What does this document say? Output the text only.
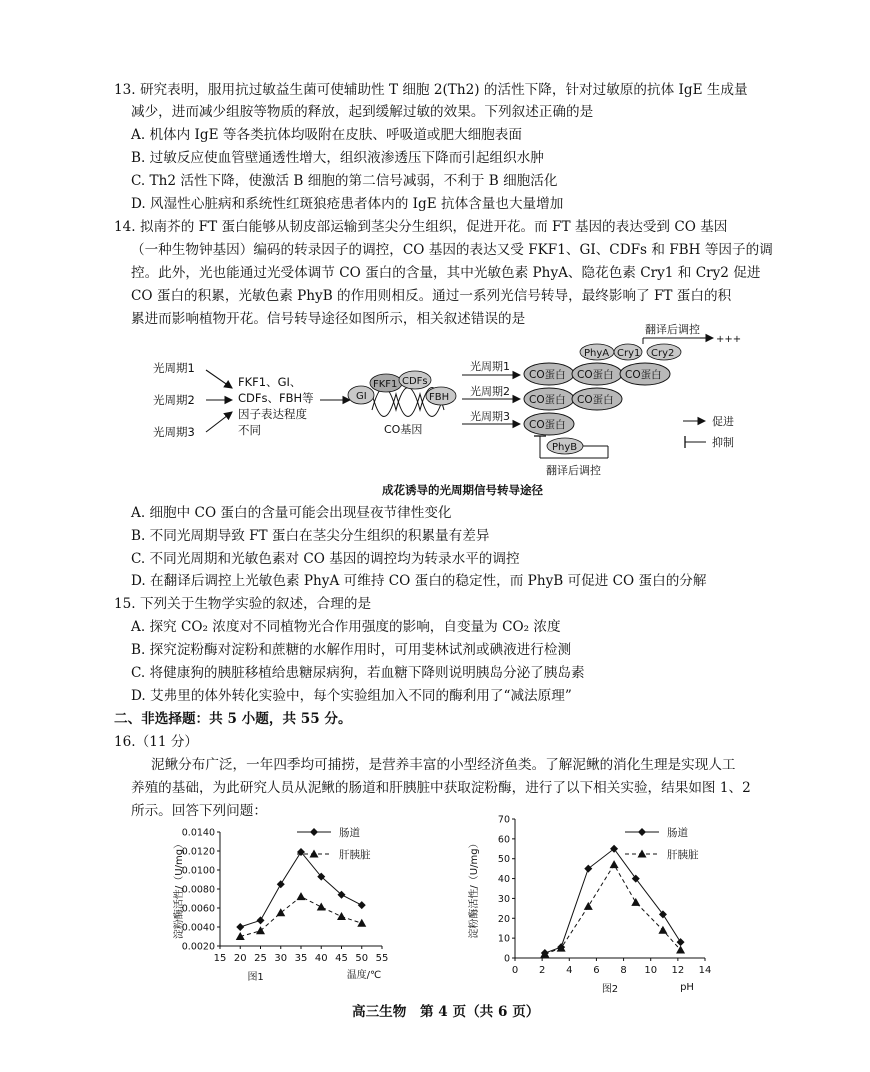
13. 研究表明，服用抗过敏益生菌可使辅助性 T 细胞 2(Th2) 的活性下降，针对过敏原的抗体 IgE 生成量
减少，进而减少组胺等物质的释放，起到缓解过敏的效果。下列叙述正确的是
A. 机体内 IgE 等各类抗体均吸附在皮肤、呼吸道或肥大细胞表面
B. 过敏反应使血管壁通透性增大，组织液渗透压下降而引起组织水肿
C. Th2 活性下降，使激活 B 细胞的第二信号减弱，不利于 B 细胞活化
D. 风湿性心脏病和系统性红斑狼疮患者体内的 IgE 抗体含量也大量增加
14. 拟南芥的 FT 蛋白能够从韧皮部运输到茎尖分生组织，促进开花。而 FT 基因的表达受到 CO 基因
（一种生物钟基因）编码的转录因子的调控，CO 基因的表达又受 FKF1、GI、CDFs 和 FBH 等因子的调
控。此外，光也能通过光受体调节 CO 蛋白的含量，其中光敏色素 PhyA、隐花色素 Cry1 和 Cry2 促进
CO 蛋白的积累，光敏色素 PhyB 的作用则相反。通过一系列光信号转导，最终影响了 FT 蛋白的积
累进而影响植物开花。信号转导途径如图所示，相关叙述错误的是
光周期1
光周期2
光周期3
FKF1、GI、
CDFs、FBH等
因子表达程度
不同
GI
FKF1 CDFs
FBH
CO基因
光周期1
光周期2
光周期3
CO蛋白 CO蛋白 CO蛋白
CO蛋白 CO蛋白
CO蛋白
PhyA Cry1 Cry2
翻译后调控
+++
PhyB
翻译后调控
促进
抑制
成花诱导的光周期信号转导途径
A. 细胞中 CO 蛋白的含量可能会出现昼夜节律性变化
B. 不同光周期导致 FT 蛋白在茎尖分生组织的积累量有差异
C. 不同光周期和光敏色素对 CO 基因的调控均为转录水平的调控
D. 在翻译后调控上光敏色素 PhyA 可维持 CO 蛋白的稳定性，而 PhyB 可促进 CO 蛋白的分解
15. 下列关于生物学实验的叙述，合理的是
A. 探究 CO₂ 浓度对不同植物光合作用强度的影响，自变量为 CO₂ 浓度
B. 探究淀粉酶对淀粉和蔗糖的水解作用时，可用斐林试剂或碘液进行检测
C. 将健康狗的胰脏移植给患糖尿病狗，若血糖下降则说明胰岛分泌了胰岛素
D. 艾弗里的体外转化实验中，每个实验组加入不同的酶利用了“减法原理”
二、非选择题：共 5 小题，共 55 分。
16.（11 分）
泥鳅分布广泛，一年四季均可捕捞，是营养丰富的小型经济鱼类。了解泥鳅的消化生理是实现人工
养殖的基础，为此研究人员从泥鳅的肠道和肝胰脏中获取淀粉酶，进行了以下相关实验，结果如图 1、2
所示。回答下列问题：
15 20 25 30 35 40 45 50 55
0.0020
0.0040
0.0060
0.0080
0.0100
0.0120
0.0140
淀粉酶活性/（U/mg）
温度/℃
图1
肠道
肝胰脏
0 2 4 6 8 10 12 14
0
10
20
30
40
50
60
70
淀粉酶活性/（U/mg）
pH
图2
肠道
肝胰脏
高三生物　第 4 页（共 6 页）
